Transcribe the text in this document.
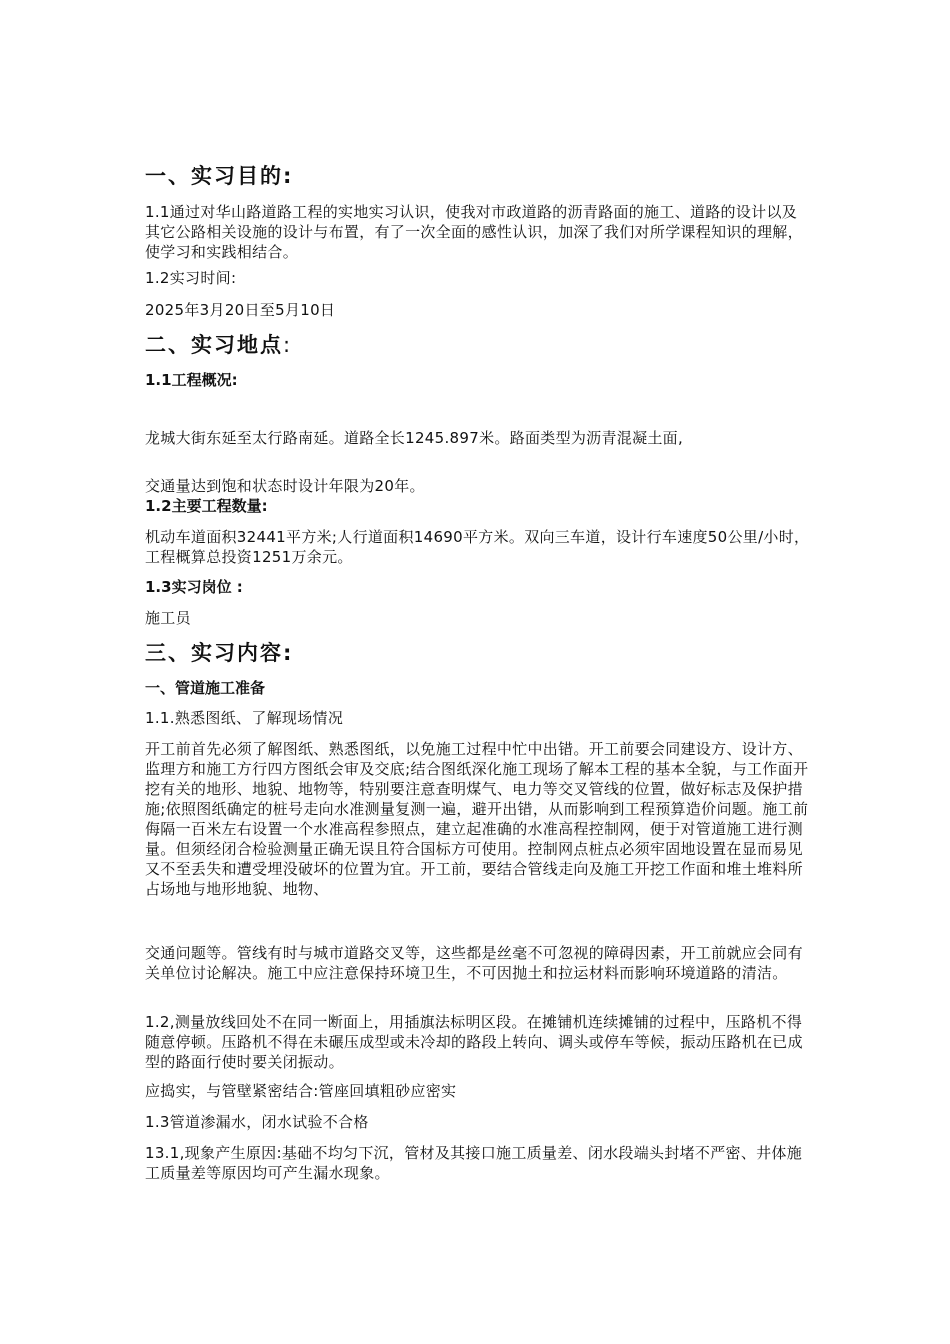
一、实习目的:
1.1通过对华山路道路工程的实地实习认识，使我对市政道路的沥青路面的施工、道路的设计以及其它公路相关设施的设计与布置，有了一次全面的感性认识，加深了我们对所学课程知识的理解，使学习和实践相结合。
1.2实习时间:
2025年3月20日至5月10日
二、实习地点:
1.1工程概况:
龙城大街东延至太行路南延。道路全长1245.897米。路面类型为沥青混凝土面,
交通量达到饱和状态时设计年限为20年。
1.2主要工程数量:
机动车道面积32441平方米;人行道面积14690平方米。双向三车道，设计行车速度50公里/小时，工程概算总投资1251万余元。
1.3实习岗位 :
施工员
三、实习内容:
一、管道施工准备
1.1.熟悉图纸、了解现场情况
开工前首先必须了解图纸、熟悉图纸，以免施工过程中忙中出错。开工前要会同建设方、设计方、监理方和施工方行四方图纸会审及交底;结合图纸深化施工现场了解本工程的基本全貌，与工作面开挖有关的地形、地貌、地物等，特别要注意查明煤气、电力等交叉管线的位置，做好标志及保护措施;依照图纸确定的桩号走向水准测量复测一遍，避开出错，从而影响到工程预算造价问题。施工前侮隔一百米左右设置一个水准高程参照点，建立起准确的水准高程控制网，便于对管道施工进行测量。但须经闭合检验测量正确无误且符合国标方可使用。控制网点桩点必须牢固地设置在显而易见又不至丢失和遭受埋没破坏的位置为宜。开工前，要结合管线走向及施工开挖工作面和堆土堆料所占场地与地形地貌、地物、
交通问题等。管线有时与城市道路交叉等，这些都是丝毫不可忽视的障碍因素，开工前就应会同有关单位讨论解决。施工中应注意保持环境卫生，不可因抛土和拉运材料而影响环境道路的清洁。
1.2,测量放线回处不在同一断面上，用插旗法标明区段。在摊铺机连续摊铺的过程中，压路机不得随意停顿。压路机不得在未碾压成型或未冷却的路段上转向、调头或停车等候，振动压路机在已成型的路面行使时要关闭振动。
应捣实，与管壁紧密结合:管座回填粗砂应密实
1.3管道渗漏水，闭水试验不合格
13.1,现象产生原因:基础不均匀下沉，管材及其接口施工质量差、闭水段端头封堵不严密、井体施工质量差等原因均可产生漏水现象。
